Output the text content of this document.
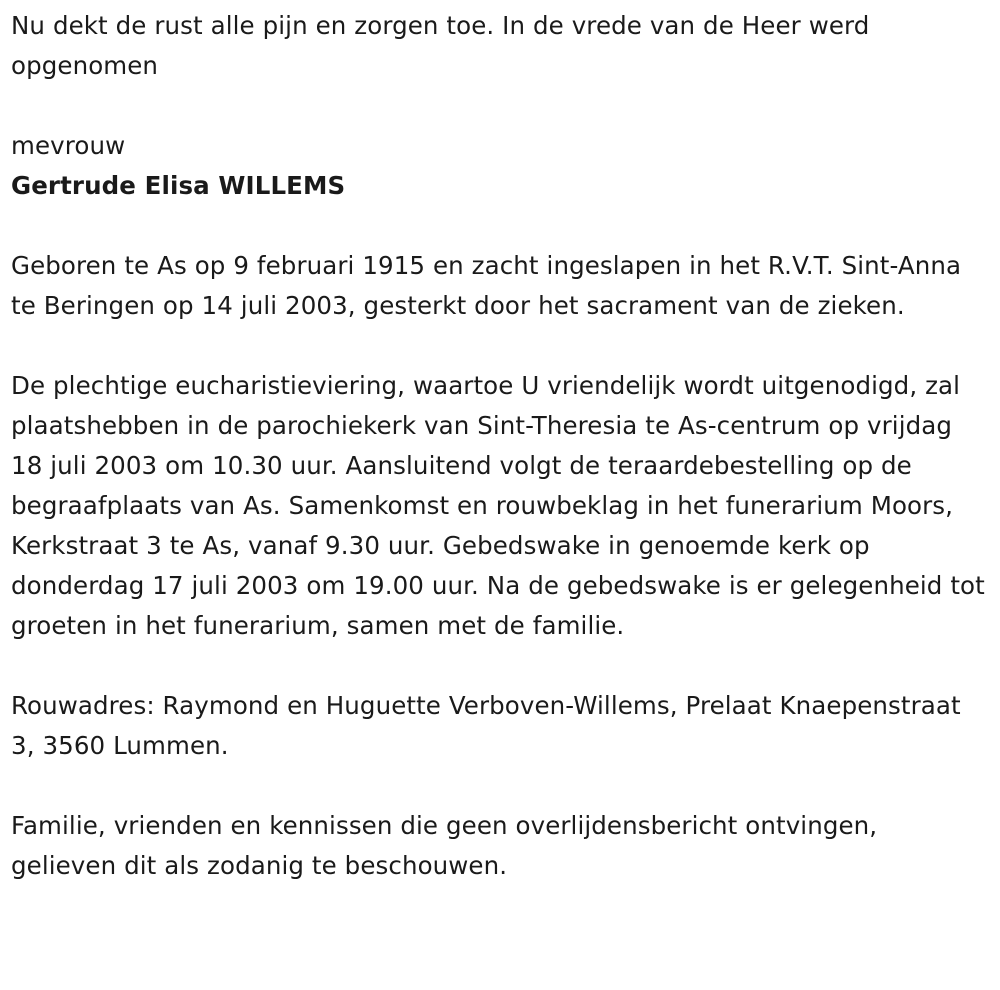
Nu dekt de rust alle pijn en zorgen toe. In de vrede van de Heer werd opgenomen

mevrouw

Gertrude Elisa WILLEMS

Geboren te As op 9 februari 1915 en zacht ingeslapen in het R.V.T. Sint-Anna te Beringen op 14 juli 2003, gesterkt door het sacrament van de zieken.

De plechtige eucharistieviering, waartoe U vriendelijk wordt uitgenodigd, zal plaatshebben in de parochiekerk van Sint-Theresia te As-centrum op vrijdag 18 juli 2003 om 10.30 uur. Aansluitend volgt de teraardebestelling op de begraafplaats van As. Samenkomst en rouwbeklag in het funerarium Moors, Kerkstraat 3 te As, vanaf 9.30 uur. Gebedswake in genoemde kerk op donderdag 17 juli 2003 om 19.00 uur. Na de gebedswake is er gelegenheid tot groeten in het funerarium, samen met de familie.

Rouwadres: Raymond en Huguette Verboven-Willems, Prelaat Knaepenstraat 3, 3560 Lummen.

Familie, vrienden en kennissen die geen overlijdensbericht ontvingen, gelieven dit als zodanig te beschouwen.
